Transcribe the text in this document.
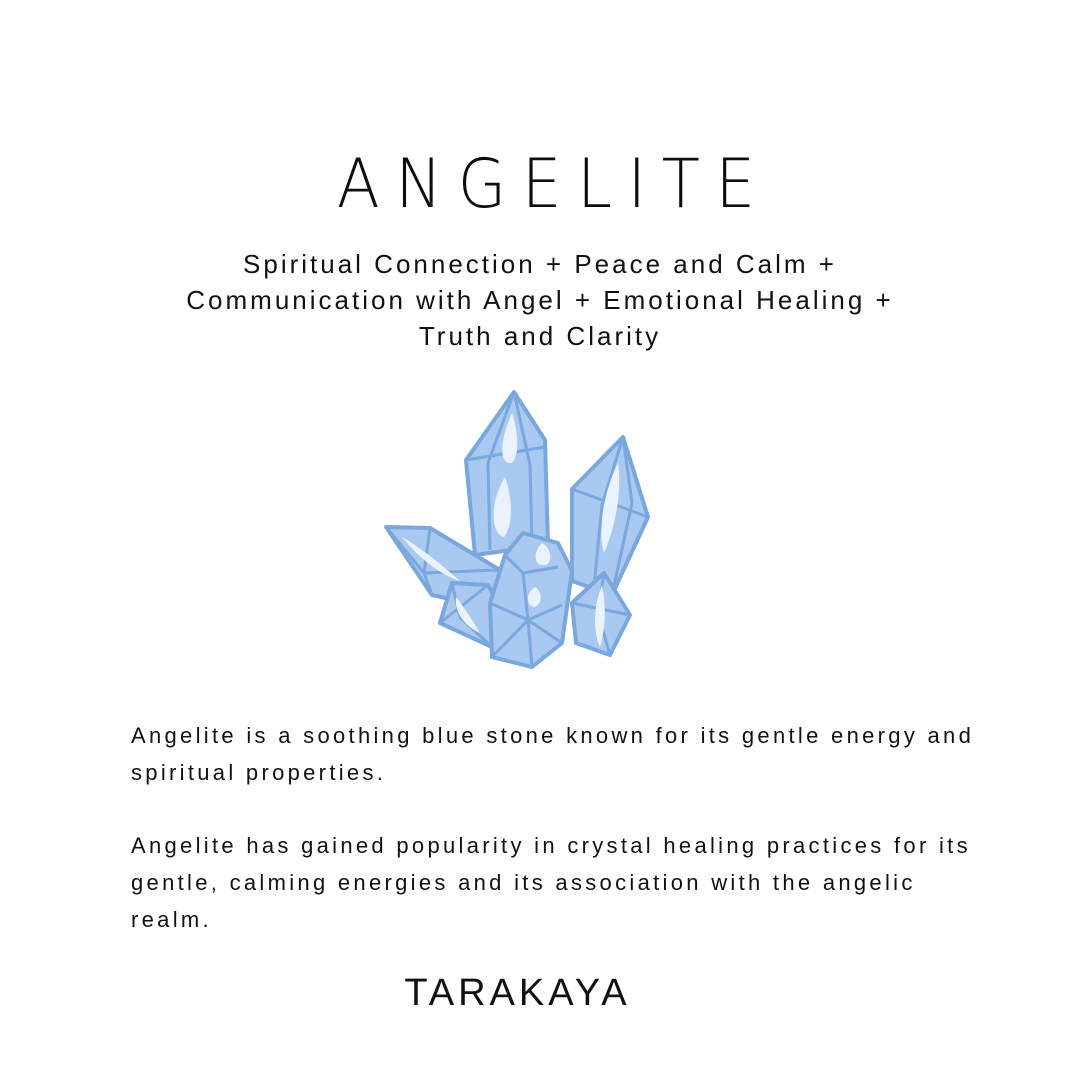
ANGELITE
Spiritual Connection + Peace and Calm + Communication with Angel + Emotional Healing + Truth and Clarity

Angelite is a soothing blue stone known for its gentle energy and spiritual properties.

Angelite has gained popularity in crystal healing practices for its gentle, calming energies and its association with the angelic realm.

TARAKAYA
